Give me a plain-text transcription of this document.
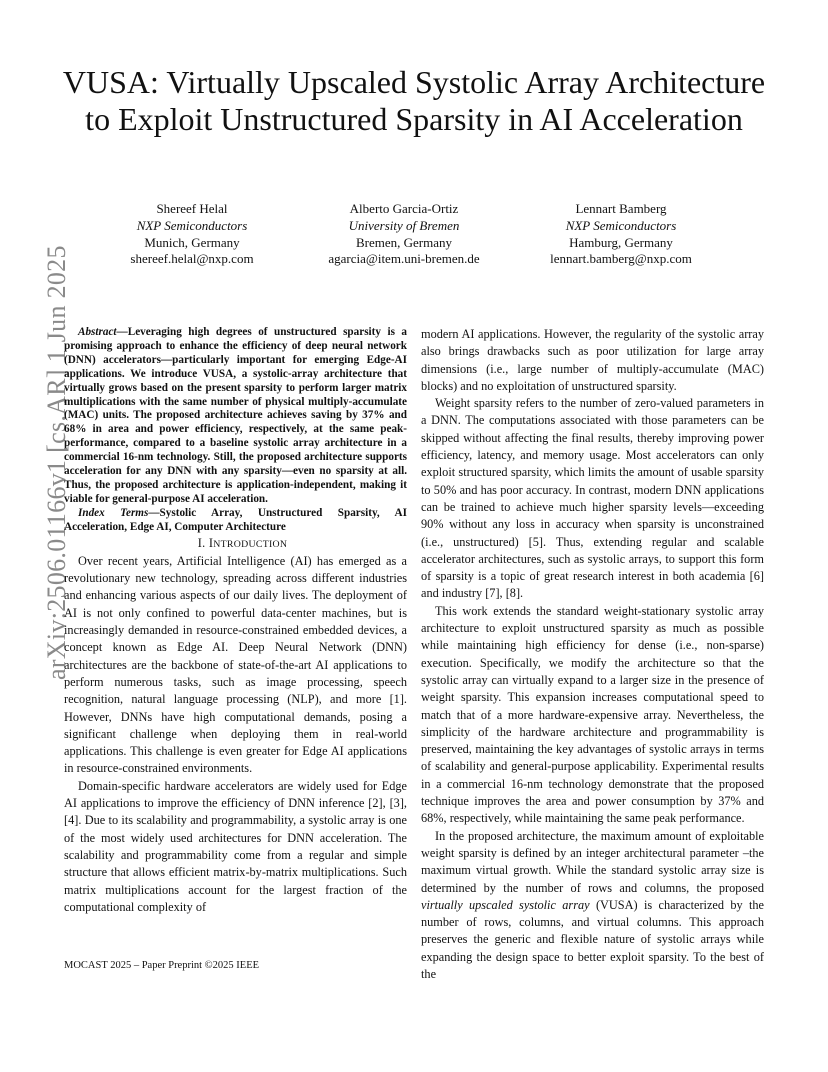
arXiv:2506.01166v1 [cs.AR] 1 Jun 2025
VUSA: Virtually Upscaled Systolic Array Architecture to Exploit Unstructured Sparsity in AI Acceleration
Shereef Helal
NXP Semiconductors
Munich, Germany
shereef.helal@nxp.com
Alberto Garcia-Ortiz
University of Bremen
Bremen, Germany
agarcia@item.uni-bremen.de
Lennart Bamberg
NXP Semiconductors
Hamburg, Germany
lennart.bamberg@nxp.com

Abstract—Leveraging high degrees of unstructured sparsity is a promising approach to enhance the efficiency of deep neural network (DNN) accelerators—particularly important for emerging Edge-AI applications. We introduce VUSA, a systolic-array architecture that virtually grows based on the present sparsity to perform larger matrix multiplications with the same number of physical multiply-accumulate (MAC) units. The proposed architecture achieves saving by 37% and 68% in area and power efficiency, respectively, at the same peak-performance, compared to a baseline systolic array architecture in a commercial 16-nm technology. Still, the proposed architecture supports acceleration for any DNN with any sparsity—even no sparsity at all. Thus, the proposed architecture is application-independent, making it viable for general-purpose AI acceleration.

Index Terms—Systolic Array, Unstructured Sparsity, AI Acceleration, Edge AI, Computer Architecture

I. INTRODUCTION

Over recent years, Artificial Intelligence (AI) has emerged as a revolutionary new technology, spreading across different industries and enhancing various aspects of our daily lives. The deployment of AI is not only confined to powerful data-center machines, but is increasingly demanded in resource-constrained embedded devices, a concept known as Edge AI. Deep Neural Network (DNN) architectures are the backbone of state-of-the-art AI applications to perform numerous tasks, such as image processing, speech recognition, natural language processing (NLP), and more [1]. However, DNNs have high computational demands, posing a significant challenge when deploying them in real-world applications. This challenge is even greater for Edge AI applications in resource-constrained environments.

Domain-specific hardware accelerators are widely used for Edge AI applications to improve the efficiency of DNN inference [2], [3], [4]. Due to its scalability and programmability, a systolic array is one of the most widely used architectures for DNN acceleration. The scalability and programmability come from a regular and simple structure that allows efficient matrix-by-matrix multiplications. Such matrix multiplications account for the largest fraction of the computational complexity of

modern AI applications. However, the regularity of the systolic array also brings drawbacks such as poor utilization for large array dimensions (i.e., large number of multiply-accumulate (MAC) blocks) and no exploitation of unstructured sparsity.

Weight sparsity refers to the number of zero-valued parameters in a DNN. The computations associated with those parameters can be skipped without affecting the final results, thereby improving power efficiency, latency, and memory usage. Most accelerators can only exploit structured sparsity, which limits the amount of usable sparsity to 50% and has poor accuracy. In contrast, modern DNN applications can be trained to achieve much higher sparsity levels—exceeding 90% without any loss in accuracy when sparsity is unconstrained (i.e., unstructured) [5]. Thus, extending regular and scalable accelerator architectures, such as systolic arrays, to support this form of sparsity is a topic of great research interest in both academia [6] and industry [7], [8].

This work extends the standard weight-stationary systolic array architecture to exploit unstructured sparsity as much as possible while maintaining high efficiency for dense (i.e., non-sparse) execution. Specifically, we modify the architecture so that the systolic array can virtually expand to a larger size in the presence of weight sparsity. This expansion increases computational speed to match that of a more hardware-expensive array. Nevertheless, the simplicity of the hardware architecture and programmability is preserved, maintaining the key advantages of systolic arrays in terms of scalability and general-purpose applicability. Experimental results in a commercial 16-nm technology demonstrate that the proposed technique improves the area and power consumption by 37% and 68%, respectively, while maintaining the same peak performance.

In the proposed architecture, the maximum amount of exploitable weight sparsity is defined by an integer architectural parameter –the maximum virtual growth. While the standard systolic array size is determined by the number of rows and columns, the proposed virtually upscaled systolic array (VUSA) is characterized by the number of rows, columns, and virtual columns. This approach preserves the generic and flexible nature of systolic arrays while expanding the design space to better exploit sparsity. To the best of the

MOCAST 2025 – Paper Preprint ©2025 IEEE
